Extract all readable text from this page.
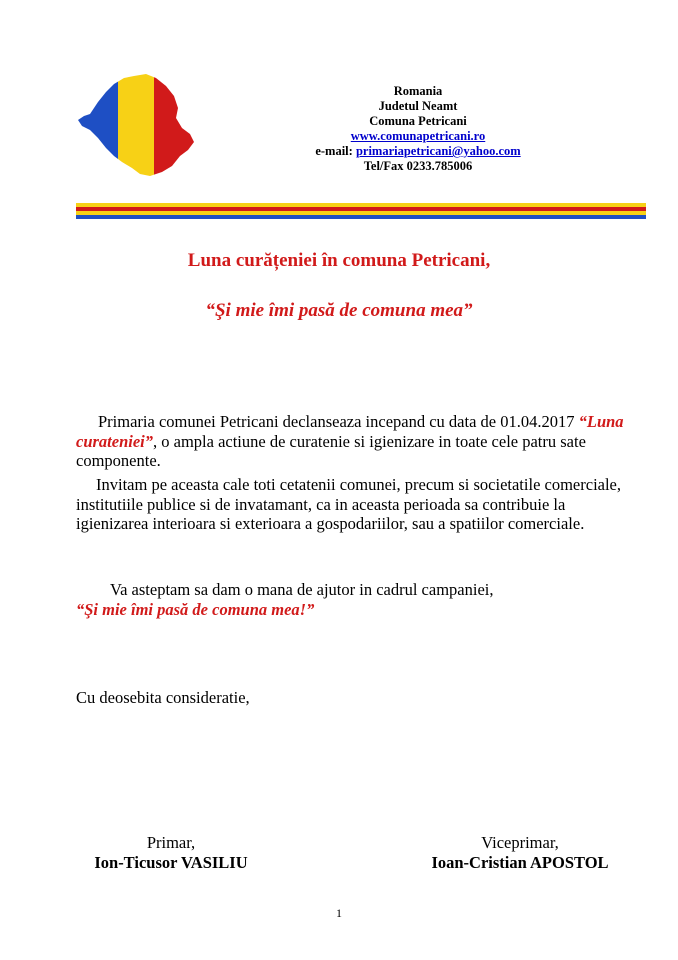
Romania
Judetul Neamt
Comuna Petricani
www.comunapetricani.ro
e-mail: primariapetricani@yahoo.com
Tel/Fax 0233.785006
Luna curățeniei în comuna Petricani,
“Şi mie îmi pasă de comuna mea”
Primaria comunei Petricani declanseaza incepand cu data de 01.04.2017 “Luna curateniei”, o ampla actiune de curatenie si igienizare in toate cele patru sate componente.
Invitam pe aceasta cale toti cetatenii comunei, precum si societatile comerciale, institutiile publice si de invatamant, ca in aceasta perioada sa contribuie la igienizarea interioara si exterioara a gospodariilor, sau a spatiilor comerciale.
Va asteptam sa dam o mana de ajutor in cadrul campaniei,
“Şi mie îmi pasă de comuna mea!”
Cu deosebita consideratie,
Primar,
Ion-Ticusor VASILIU
Viceprimar,
Ioan-Cristian APOSTOL
1
